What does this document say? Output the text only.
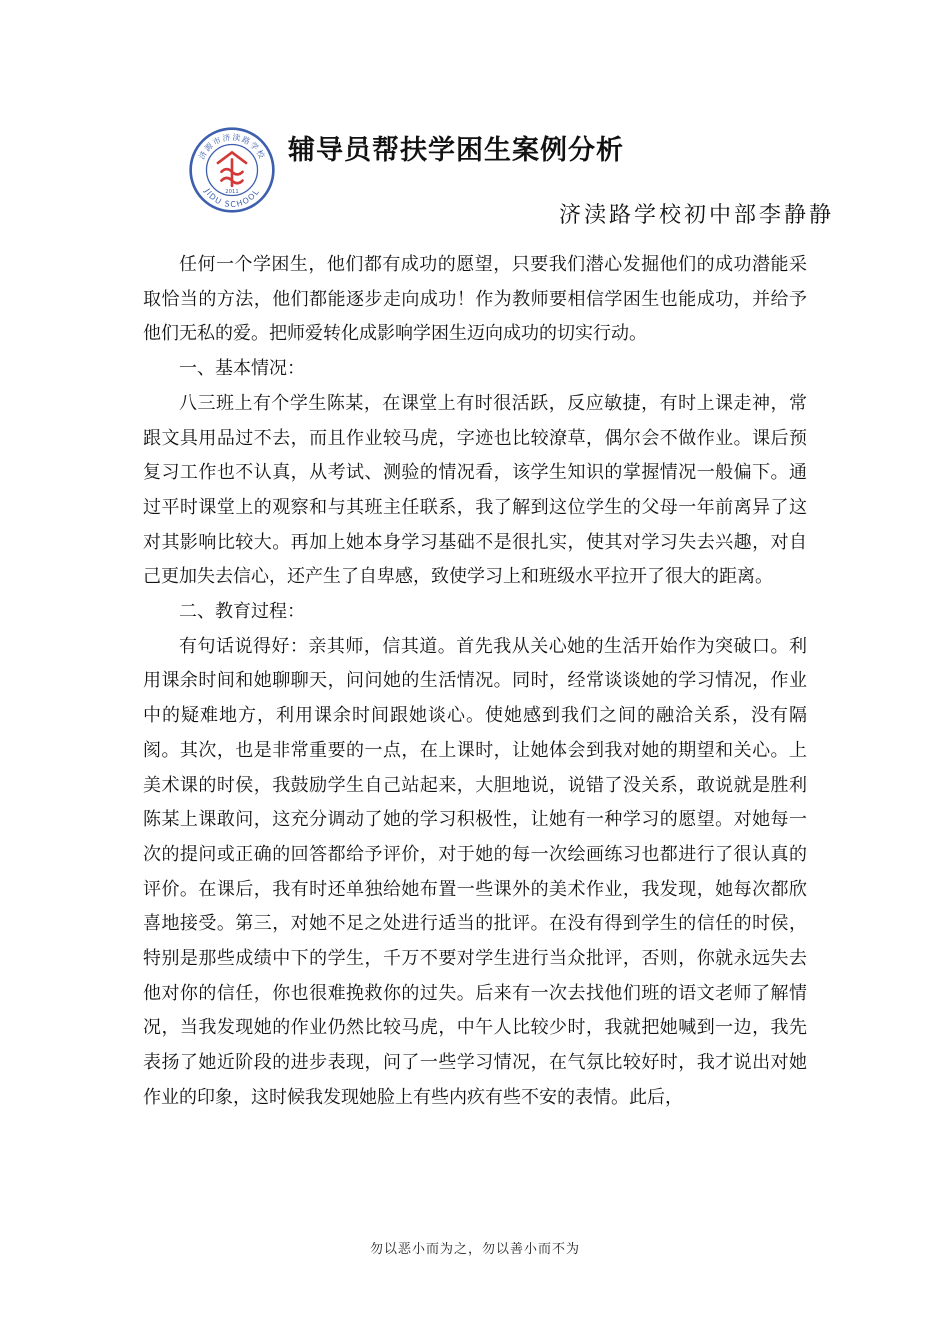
济源市济渎路学校
JIDU SCHOOL
2011
辅导员帮扶学困生案例分析
济渎路学校初中部李静静

任何一个学困生，他们都有成功的愿望，只要我们潜心发掘他们的成功潜能采取恰当的方法，他们都能逐步走向成功！作为教师要相信学困生也能成功，并给予他们无私的爱。把师爱转化成影响学困生迈向成功的切实行动。

一、基本情况：

八三班上有个学生陈某，在课堂上有时很活跃，反应敏捷，有时上课走神，常跟文具用品过不去，而且作业较马虎，字迹也比较潦草，偶尔会不做作业。课后预复习工作也不认真，从考试、测验的情况看，该学生知识的掌握情况一般偏下。通过平时课堂上的观察和与其班主任联系，我了解到这位学生的父母一年前离异了这对其影响比较大。再加上她本身学习基础不是很扎实，使其对学习失去兴趣，对自己更加失去信心，还产生了自卑感，致使学习上和班级水平拉开了很大的距离。

二、教育过程：

有句话说得好：亲其师，信其道。首先我从关心她的生活开始作为突破口。利用课余时间和她聊聊天，问问她的生活情况。同时，经常谈谈她的学习情况，作业中的疑难地方，利用课余时间跟她谈心。使她感到我们之间的融洽关系，没有隔阂。其次，也是非常重要的一点，在上课时，让她体会到我对她的期望和关心。上美术课的时侯，我鼓励学生自己站起来，大胆地说，说错了没关系，敢说就是胜利陈某上课敢问，这充分调动了她的学习积极性，让她有一种学习的愿望。对她每一次的提问或正确的回答都给予评价，对于她的每一次绘画练习也都进行了很认真的评价。在课后，我有时还单独给她布置一些课外的美术作业，我发现，她每次都欣喜地接受。第三，对她不足之处进行适当的批评。在没有得到学生的信任的时侯，特别是那些成绩中下的学生，千万不要对学生进行当众批评，否则，你就永远失去他对你的信任，你也很难挽救你的过失。后来有一次去找他们班的语文老师了解情况，当我发现她的作业仍然比较马虎，中午人比较少时，我就把她喊到一边，我先表扬了她近阶段的进步表现，问了一些学习情况，在气氛比较好时，我才说出对她作业的印象，这时候我发现她脸上有些内疚有些不安的表情。此后，

勿以恶小而为之，勿以善小而不为
